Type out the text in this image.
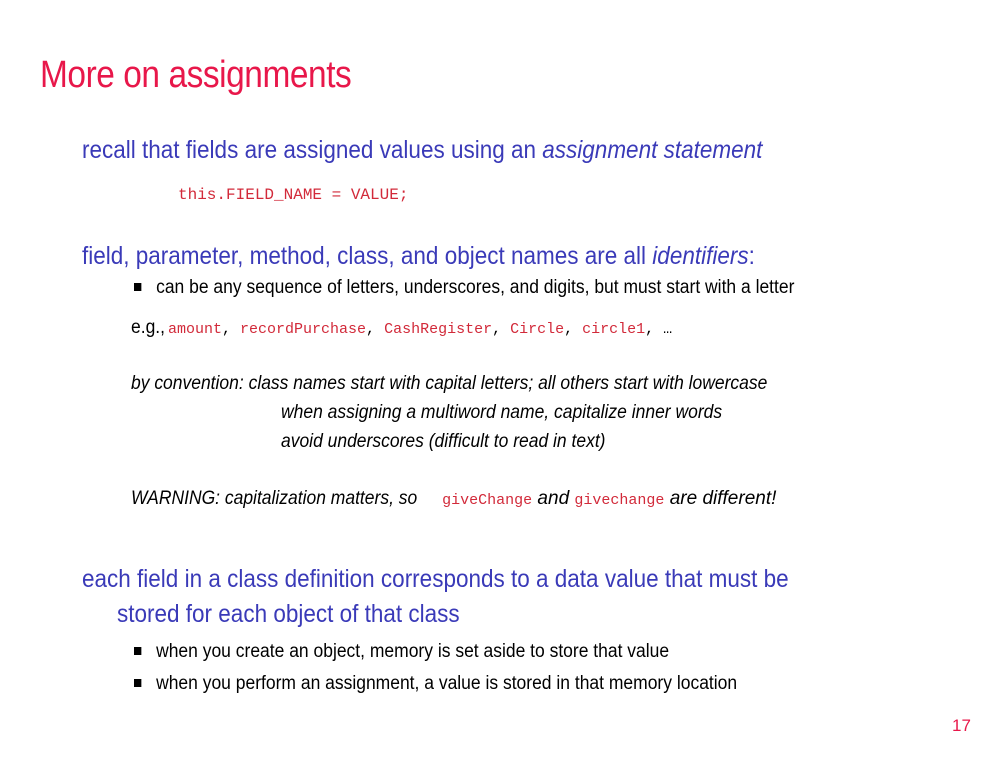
More on assignments
recall that fields are assigned values using an assignment statement
this.FIELD_NAME = VALUE;
field, parameter, method, class, and object names are all identifiers:
can be any sequence of letters, underscores, and digits, but must start with a letter
e.g.,amount, recordPurchase, CashRegister, Circle, circle1, …
by convention: class names start with capital letters; all others start with lowercase
when assigning a multiword name, capitalize inner words
avoid underscores (difficult to read in text)
WARNING: capitalization matters, sogiveChange and givechange are different!
each field in a class definition corresponds to a data value that must be
stored for each object of that class
when you create an object, memory is set aside to store that value
when you perform an assignment, a value is stored in that memory location
17
